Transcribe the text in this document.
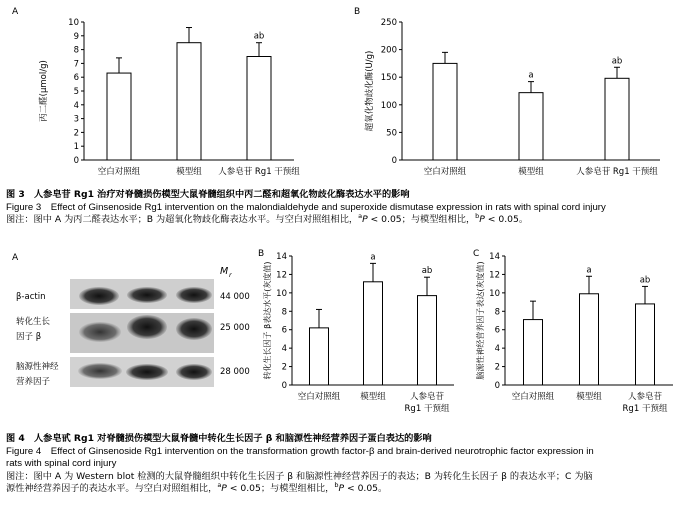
A
0
1
2
3
4
5
6
7
8
9
10
丙二醛(μmol/g)
空白对照组	模型组
ab
人参皂苷 Rg1 干预组
B
0
50
100
150
200
250
超氧化物歧化酶(U/g)
空白对照组
a
模型组
ab
人参皂苷 Rg1 干预组
图 3　人参皂苷 Rg1 治疗对脊髓损伤模型大鼠脊髓组织中丙二醛和超氧化物歧化酶表达水平的影响
Figure 3　Effect of Ginsenoside Rg1 intervention on the malondialdehyde and superoxide dismutase expression in rats with spinal cord injury
图注：图中 A 为丙二醛表达水平；B 为超氧化物歧化酶表达水平。与空白对照组相比，$^a$P < 0.05；与模型组相比，$^b$P < 0.05。
A
M r
β-actin	44 000
转化生长
因子 β
25 000
脑源性神经
营养因子
28 000
B
0
2
4
6
8
10
12
14
转化生长因子 β表达水平(灰度值)
空白对照组
a
模型组
ab
人参皂苷
Rg1 干预组
C
0
2
4
6
8
10
12
14
脑源性神经营养因子表达(灰度值)
空白对照组
a
模型组
ab
人参皂苷
Rg1 干预组
图 4　人参皂甙 Rg1 对脊髓损伤模型大鼠脊髓中转化生长因子 β 和脑源性神经营养因子蛋白表达的影响
Figure 4　Effect of Ginsenoside Rg1 intervention on the transformation growth factor-β and brain-derived neurotrophic factor expression in
rats with spinal cord injury
图注：图中 A 为 Western blot 检测的大鼠脊髓组织中转化生长因子 β 和脑源性神经营养因子的表达；B 为转化生长因子 β 的表达水平；C 为脑
源性神经营养因子的表达水平。与空白对照组相比，$^a$P < 0.05；与模型组相比，$^b$P < 0.05。
